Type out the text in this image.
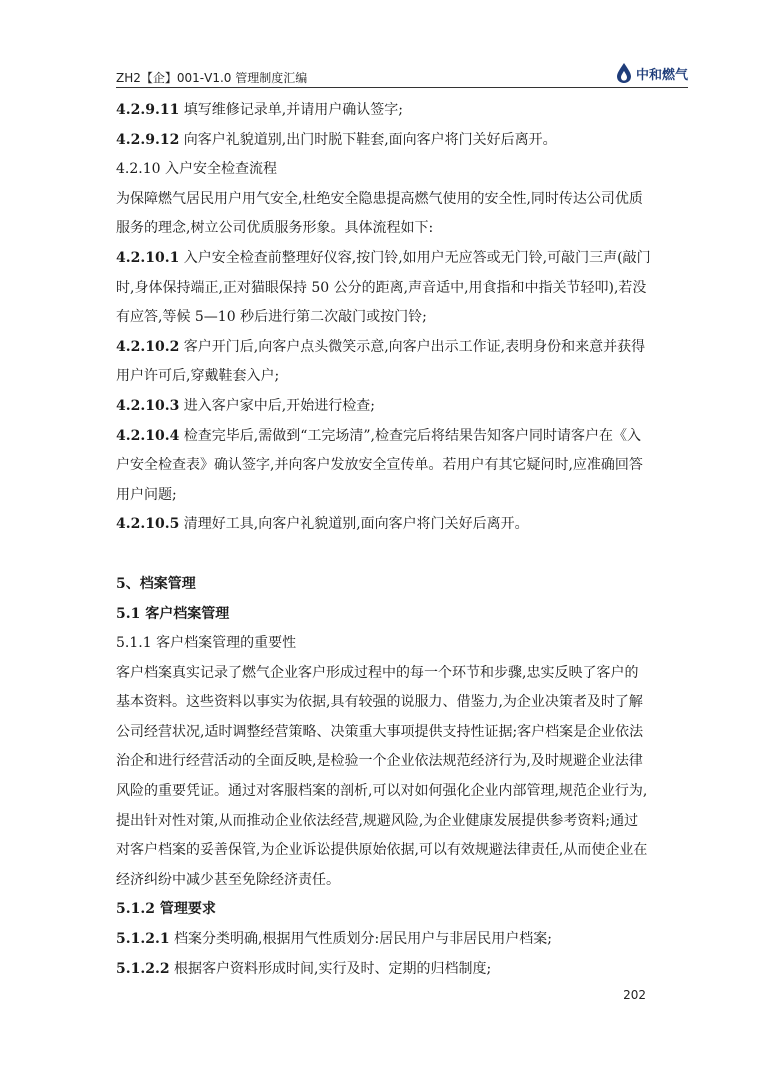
ZH2【企】001-V1.0 管理制度汇编	中和燃气

4.2.9.11 填写维修记录单,并请用户确认签字;

4.2.9.12 向客户礼貌道别,出门时脱下鞋套,面向客户将门关好后离开。

4.2.10 入户安全检查流程

为保障燃气居民用户用气安全,杜绝安全隐患提高燃气使用的安全性,同时传达公司优质服务的理念,树立公司优质服务形象。具体流程如下:

4.2.10.1 入户安全检查前整理好仪容,按门铃,如用户无应答或无门铃,可敲门三声(敲门时,身体保持端正,正对猫眼保持 50 公分的距离,声音适中,用食指和中指关节轻叩),若没有应答,等候 5—10 秒后进行第二次敲门或按门铃;

4.2.10.2 客户开门后,向客户点头微笑示意,向客户出示工作证,表明身份和来意并获得用户许可后,穿戴鞋套入户;

4.2.10.3 进入客户家中后,开始进行检查;

4.2.10.4 检查完毕后,需做到“工完场清”,检查完后将结果告知客户同时请客户在《入户安全检查表》确认签字,并向客户发放安全宣传单。若用户有其它疑问时,应准确回答用户问题;

4.2.10.5 清理好工具,向客户礼貌道别,面向客户将门关好后离开。

5、档案管理

5.1 客户档案管理

5.1.1 客户档案管理的重要性

客户档案真实记录了燃气企业客户形成过程中的每一个环节和步骤,忠实反映了客户的基本资料。这些资料以事实为依据,具有较强的说服力、借鉴力,为企业决策者及时了解公司经营状况,适时调整经营策略、决策重大事项提供支持性证据;客户档案是企业依法治企和进行经营活动的全面反映,是检验一个企业依法规范经济行为,及时规避企业法律风险的重要凭证。通过对客服档案的剖析,可以对如何强化企业内部管理,规范企业行为,提出针对性对策,从而推动企业依法经营,规避风险,为企业健康发展提供参考资料;通过对客户档案的妥善保管,为企业诉讼提供原始依据,可以有效规避法律责任,从而使企业在经济纠纷中减少甚至免除经济责任。

5.1.2 管理要求

5.1.2.1 档案分类明确,根据用气性质划分:居民用户与非居民用户档案;

5.1.2.2 根据客户资料形成时间,实行及时、定期的归档制度;

202
